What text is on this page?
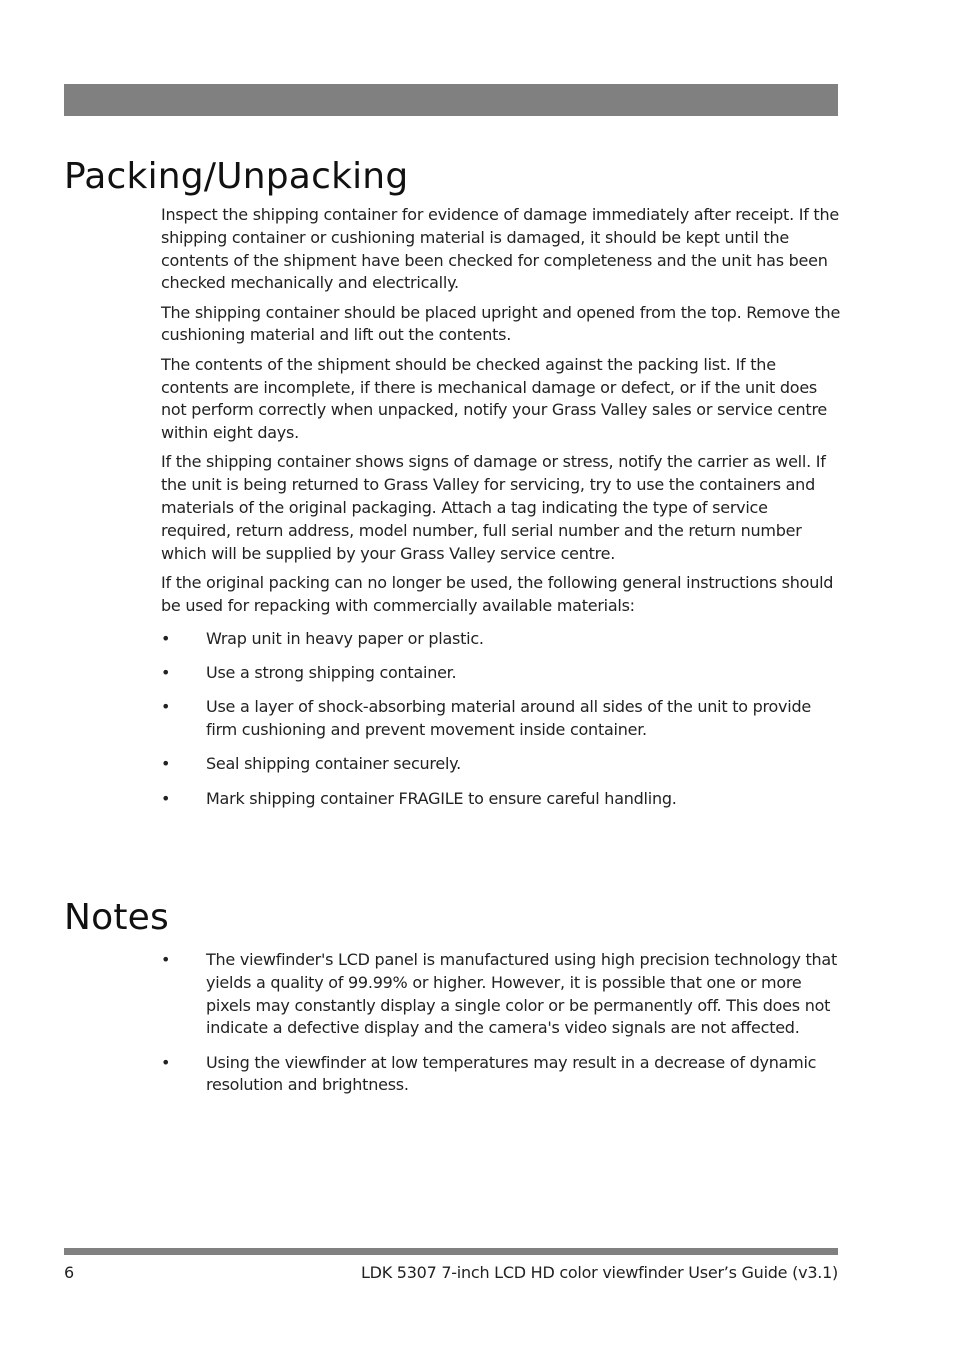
Packing/Unpacking

Inspect the shipping container for evidence of damage immediately after receipt. If the shipping container or cushioning material is damaged, it should be kept until the contents of the shipment have been checked for completeness and the unit has been checked mechanically and electrically.

The shipping container should be placed upright and opened from the top. Remove the cushioning material and lift out the contents.

The contents of the shipment should be checked against the packing list. If the contents are incomplete, if there is mechanical damage or defect, or if the unit does not perform correctly when unpacked, notify your Grass Valley sales or service centre within eight days.

If the shipping container shows signs of damage or stress, notify the carrier as well. If the unit is being returned to Grass Valley for servicing, try to use the containers and materials of the original packaging. Attach a tag indicating the type of service required, return address, model number, full serial number and the return number which will be supplied by your Grass Valley service centre.

If the original packing can no longer be used, the following general instructions should be used for repacking with commercially available materials:

•	Wrap unit in heavy paper or plastic.
•	Use a strong shipping container.
•	Use a layer of shock-absorbing material around all sides of the unit to provide firm cushioning and prevent movement inside container.
•	Seal shipping container securely.
•	Mark shipping container FRAGILE to ensure careful handling.
Notes
•	The viewfinder's LCD panel is manufactured using high precision technology that yields a quality of 99.99% or higher. However, it is possible that one or more pixels may constantly display a single color or be permanently off. This does not indicate a defective display and the camera's video signals are not affected.
•	Using the viewfinder at low temperatures may result in a decrease of dynamic resolution and brightness.
6	LDK 5307 7-inch LCD HD color viewfinder User’s Guide (v3.1)
